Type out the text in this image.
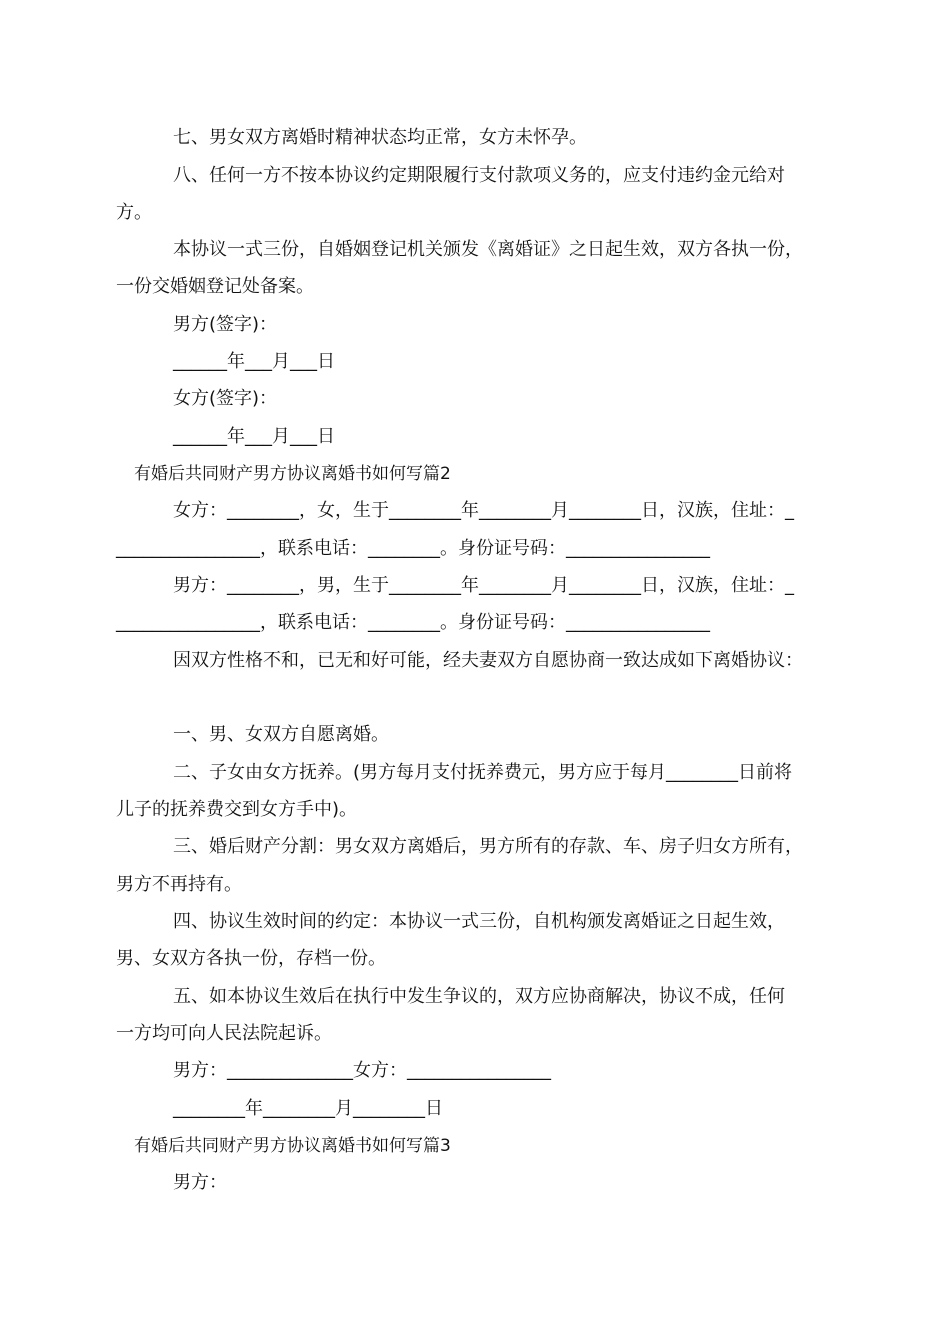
七、男女双方离婚时精神状态均正常，女方未怀孕。
八、任何一方不按本协议约定期限履行支付款项义务的，应支付违约金元给对
方。
本协议一式三份，自婚姻登记机关颁发《离婚证》之日起生效，双方各执一份，
一份交婚姻登记处备案。
男方(签字)：
______年___月___日
女方(签字)：
______年___月___日
有婚后共同财产男方协议离婚书如何写篇2
女方：________，女，生于________年________月________日，汉族，住址：_
________________，联系电话：________。身份证号码：________________
男方：________，男，生于________年________月________日，汉族，住址：_
________________，联系电话：________。身份证号码：________________
因双方性格不和，已无和好可能，经夫妻双方自愿协商一致达成如下离婚协议：
一、男、女双方自愿离婚。
二、子女由女方抚养。(男方每月支付抚养费元，男方应于每月________日前将
儿子的抚养费交到女方手中)。
三、婚后财产分割：男女双方离婚后，男方所有的存款、车、房子归女方所有，
男方不再持有。
四、协议生效时间的约定：本协议一式三份，自机构颁发离婚证之日起生效，
男、女双方各执一份，存档一份。
五、如本协议生效后在执行中发生争议的，双方应协商解决，协议不成，任何
一方均可向人民法院起诉。
男方：______________女方：________________
________年________月________日
有婚后共同财产男方协议离婚书如何写篇3
男方：
